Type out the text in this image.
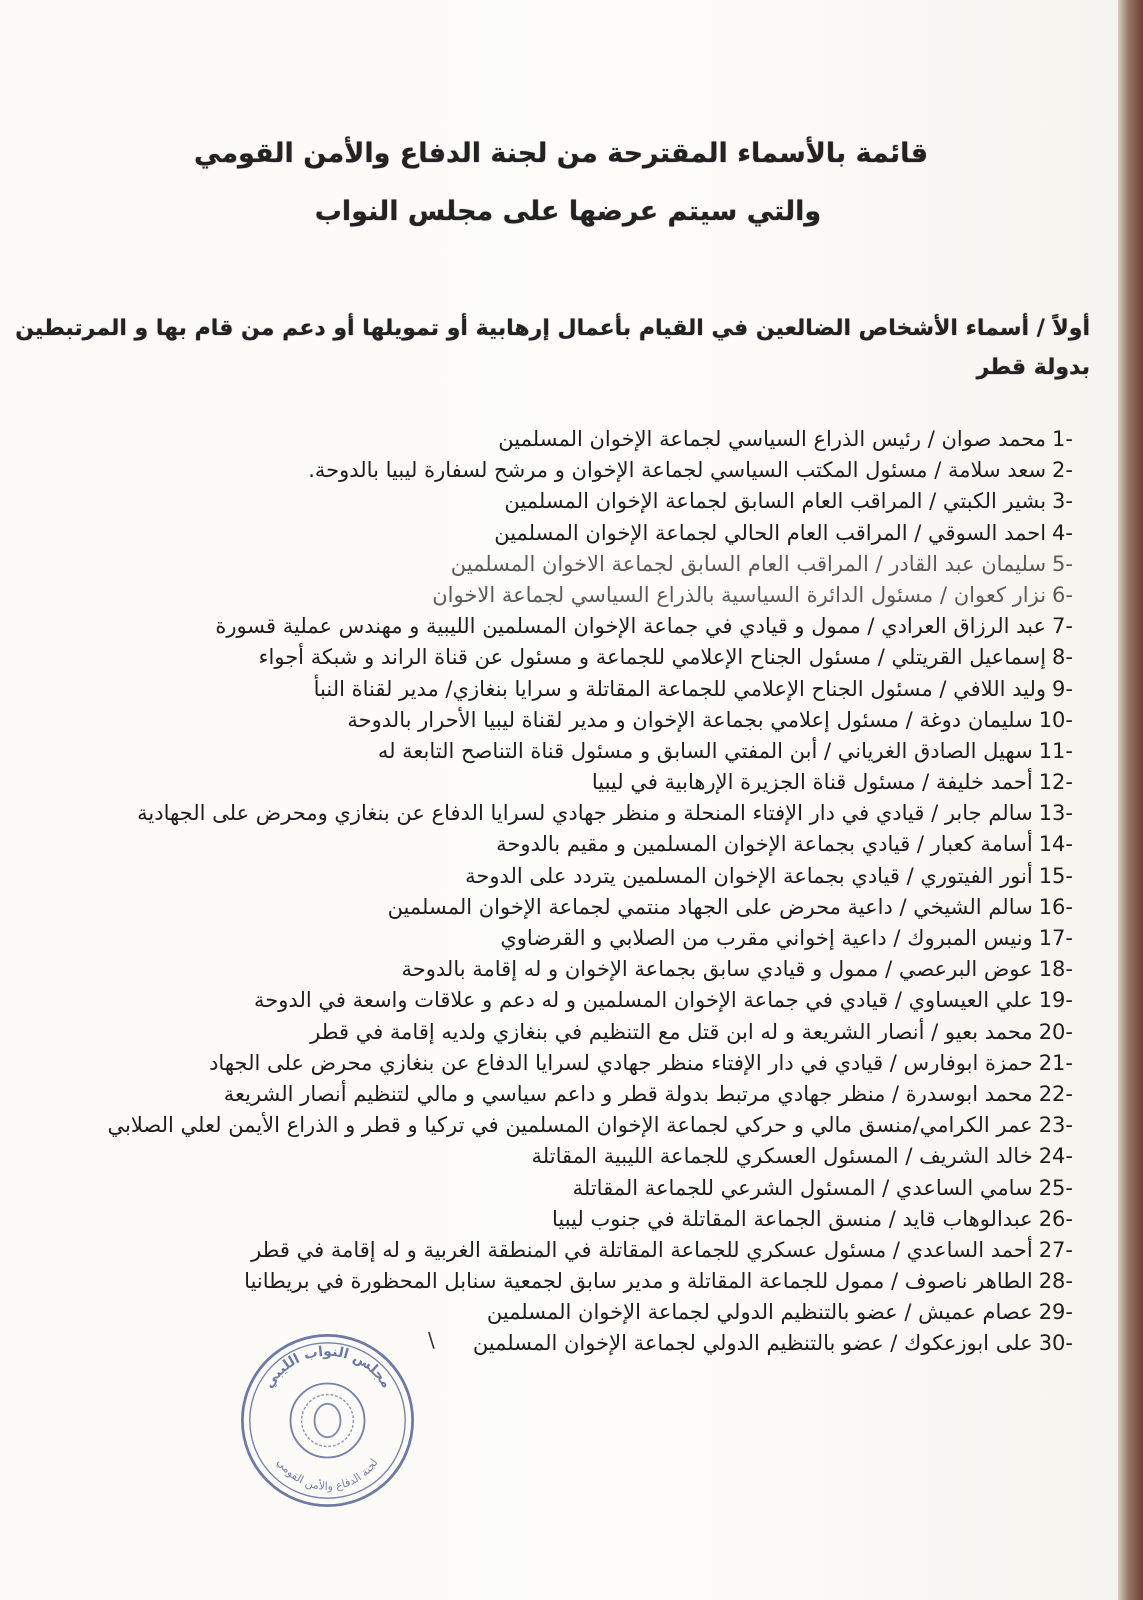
قائمة بالأسماء المقترحة من لجنة الدفاع والأمن القومي
والتي سيتم عرضها على مجلس النواب
أولاً / أسماء الأشخاص الضالعين في القيام بأعمال إرهابية أو تمويلها أو دعم من قام بها و المرتبطين
بدولة قطر
1-محمد صوان / رئيس الذراع السياسي لجماعة الإخوان المسلمين
2-سعد سلامة / مسئول المكتب السياسي لجماعة الإخوان و مرشح لسفارة ليبيا بالدوحة.
3-بشير الكبتي / المراقب العام السابق لجماعة الإخوان المسلمين
4-احمد السوقي / المراقب العام الحالي لجماعة الإخوان المسلمين
5-سليمان عبد القادر / المراقب العام السابق لجماعة الاخوان المسلمين
6-نزار كعوان / مسئول الدائرة السياسية بالذراع السياسي لجماعة الاخوان
7-عبد الرزاق العرادي / ممول و قيادي في جماعة الإخوان المسلمين الليبية و مهندس عملية قسورة
8-إسماعيل القريتلي / مسئول الجناح الإعلامي للجماعة و مسئول عن قناة الراند و شبكة أجواء
9-وليد اللافي / مسئول الجناح الإعلامي للجماعة المقاتلة و سرايا بنغازي/ مدير لقناة النبأ
10-سليمان دوغة / مسئول إعلامي بجماعة الإخوان و مدير لقناة ليبيا الأحرار بالدوحة
11-سهيل الصادق الغرياني / أبن المفتي السابق و مسئول قناة التناصح التابعة له
12-أحمد خليفة / مسئول قناة الجزيرة الإرهابية في ليبيا
13-سالم جابر / قيادي في دار الإفتاء المنحلة و منظر جهادي لسرايا الدفاع عن بنغازي ومحرض على الجهادية
14-أسامة كعبار / قيادي بجماعة الإخوان المسلمين و مقيم بالدوحة
15-أنور الفيتوري / قيادي بجماعة الإخوان المسلمين يتردد على الدوحة
16-سالم الشيخي / داعية محرض على الجهاد منتمي لجماعة الإخوان المسلمين
17-ونيس المبروك / داعية إخواني مقرب من الصلابي و القرضاوي
18-عوض البرعصي / ممول و قيادي سابق بجماعة الإخوان و له إقامة بالدوحة
19-علي العيساوي / قيادي في جماعة الإخوان المسلمين و له دعم و علاقات واسعة في الدوحة
20-محمد بعيو / أنصار الشريعة و له ابن قتل مع التنظيم في بنغازي ولديه إقامة في قطر
21-حمزة ابوفارس / قيادي في دار الإفتاء منظر جهادي لسرايا الدفاع عن بنغازي محرض على الجهاد
22-محمد ابوسدرة / منظر جهادي مرتبط بدولة قطر و داعم سياسي و مالي لتنظيم أنصار الشريعة
23-عمر الكرامي/منسق مالي و حركي لجماعة الإخوان المسلمين في تركيا و قطر و الذراع الأيمن لعلي الصلابي
24-خالد الشريف / المسئول العسكري للجماعة الليبية المقاتلة
25-سامي الساعدي / المسئول الشرعي للجماعة المقاتلة
26-عبدالوهاب قايد / منسق الجماعة المقاتلة في جنوب ليبيا
27-أحمد الساعدي / مسئول عسكري للجماعة المقاتلة في المنطقة الغربية و له إقامة في قطر
28-الطاهر ناصوف / ممول للجماعة المقاتلة و مدير سابق لجمعية سنابل المحظورة في بريطانيا
29-عصام عميش / عضو بالتنظيم الدولي لجماعة الإخوان المسلمين
30-على ابوزعكوك / عضو بالتنظيم الدولي لجماعة الإخوان المسلمين
\
مجلس النواب الليبي
لجنة الدفاع والأمن القومي
